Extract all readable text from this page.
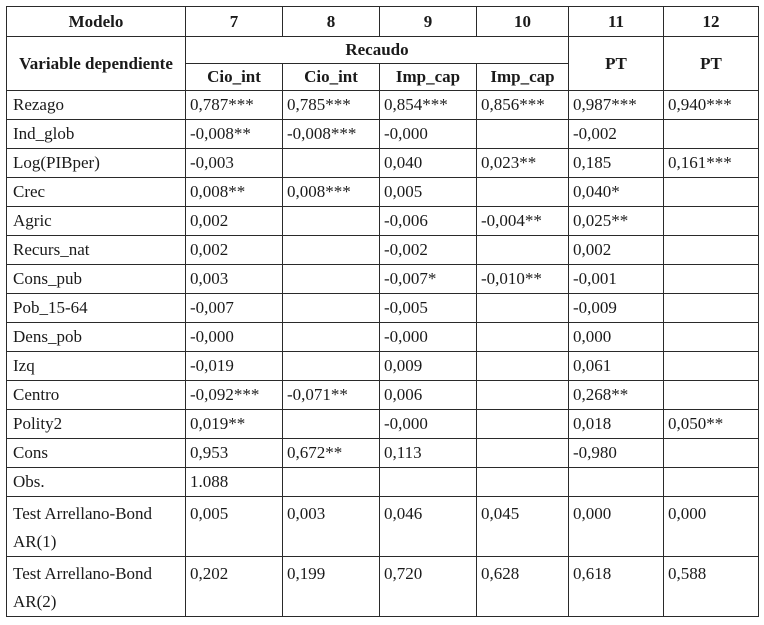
Modelo	7	8	9	10	11	12
Variable dependiente	Recaudo				PT	PT
	Cio_int	Cio_int	Imp_cap	Imp_cap		
Rezago	0,787***	0,785***	0,854***	0,856***	0,987***	0,940***
Ind_glob	-0,008**	-0,008***	-0,000		-0,002	
Log(PIBper)	-0,003		0,040	0,023**	0,185	0,161***
Crec	0,008**	0,008***	0,005		0,040*	
Agric	0,002		-0,006	-0,004**	0,025**	
Recurs_nat	0,002		-0,002		0,002	
Cons_pub	0,003		-0,007*	-0,010**	-0,001	
Pob_15-64	-0,007		-0,005		-0,009	
Dens_pob	-0,000		-0,000		0,000	
Izq	-0,019		0,009		0,061	
Centro	-0,092***	-0,071**	0,006		0,268**	
Polity2	0,019**		-0,000		0,018	0,050**
Cons	0,953	0,672**	0,113		-0,980	
Obs.	1.088					
Test Arrellano-Bond AR(1)	0,005	0,003	0,046	0,045	0,000	0,000
Test Arrellano-Bond AR(2)	0,202	0,199	0,720	0,628	0,618	0,588
